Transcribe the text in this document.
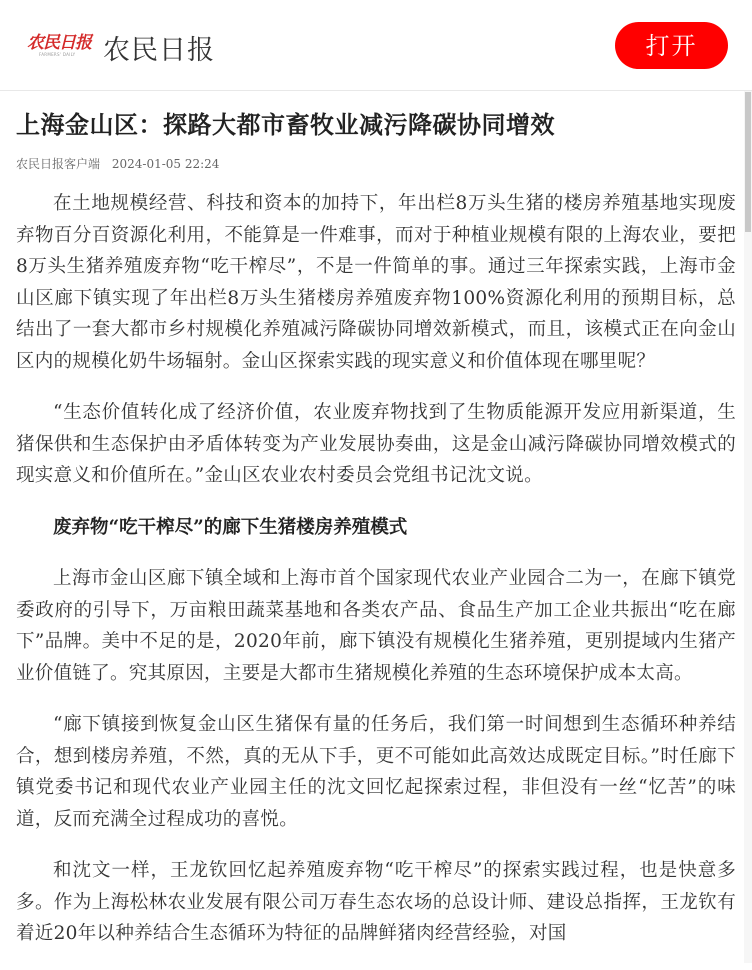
农民日报
FARMERS' DAILY 农民日报	打开
上海金山区：探路大都市畜牧业减污降碳协同增效
农民日报客户端 2024-01-05 22:24

在土地规模经营、科技和资本的加持下，年出栏8万头生猪的楼房养殖基地实现废弃物百分百资源化利用，不能算是一件难事，而对于种植业规模有限的上海农业，要把8万头生猪养殖废弃物“吃干榨尽”，不是一件简单的事。通过三年探索实践，上海市金山区廊下镇实现了年出栏8万头生猪楼房养殖废弃物100%资源化利用的预期目标，总结出了一套大都市乡村规模化养殖减污降碳协同增效新模式，而且，该模式正在向金山区内的规模化奶牛场辐射。金山区探索实践的现实意义和价值体现在哪里呢？

“生态价值转化成了经济价值，农业废弃物找到了生物质能源开发应用新渠道，生猪保供和生态保护由矛盾体转变为产业发展协奏曲，这是金山减污降碳协同增效模式的现实意义和价值所在。”金山区农业农村委员会党组书记沈文说。

废弃物“吃干榨尽”的廊下生猪楼房养殖模式

上海市金山区廊下镇全域和上海市首个国家现代农业产业园合二为一，在廊下镇党委政府的引导下，万亩粮田蔬菜基地和各类农产品、食品生产加工企业共振出“吃在廊下”品牌。美中不足的是，2020年前，廊下镇没有规模化生猪养殖，更别提域内生猪产业价值链了。究其原因，主要是大都市生猪规模化养殖的生态环境保护成本太高。

“廊下镇接到恢复金山区生猪保有量的任务后，我们第一时间想到生态循环种养结合，想到楼房养殖，不然，真的无从下手，更不可能如此高效达成既定目标。”时任廊下镇党委书记和现代农业产业园主任的沈文回忆起探索过程，非但没有一丝“忆苦”的味道，反而充满全过程成功的喜悦。

和沈文一样，王龙钦回忆起养殖废弃物“吃干榨尽”的探索实践过程，也是快意多多。作为上海松林农业发展有限公司万春生态农场的总设计师、建设总指挥，王龙钦有着近20年以种养结合生态循环为特征的品牌鲜猪肉经营经验，对国
